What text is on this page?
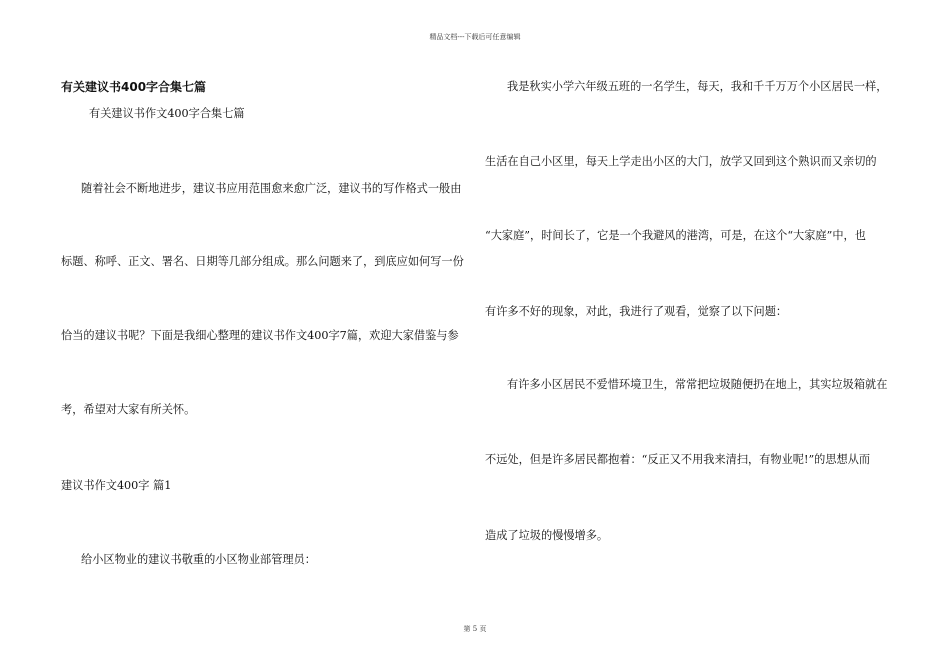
精品文档---下载后可任意编辑
有关建议书400字合集七篇
有关建议书作文400字合集七篇
随着社会不断地进步，建议书应用范围愈来愈广泛，建议书的写作格式一般由
标题、称呼、正文、署名、日期等几部分组成。那么问题来了，到底应如何写一份
恰当的建议书呢？下面是我细心整理的建议书作文400字7篇，欢迎大家借鉴与参
考，希望对大家有所关怀。
建议书作文400字 篇1
给小区物业的建议书敬重的小区物业部管理员：
我是秋实小学六年级五班的一名学生，每天，我和千千万万个小区居民一样，
生活在自己小区里，每天上学走出小区的大门，放学又回到这个熟识而又亲切的
“大家庭”，时间长了，它是一个我避风的港湾，可是，在这个“大家庭”中，也
有许多不好的现象，对此，我进行了观看，觉察了以下问题：
有许多小区居民不爱惜环境卫生，常常把垃圾随便扔在地上，其实垃圾箱就在
不远处，但是许多居民都抱着：“反正又不用我来清扫，有物业呢!”的思想从而
造成了垃圾的慢慢增多。
第 5 页
